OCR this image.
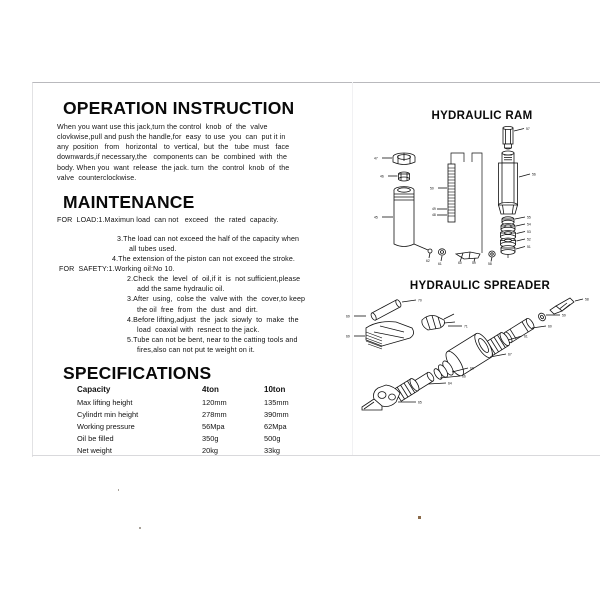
OPERATION INSTRUCTION

When you want use this jack,turn the control  knob  of  the  valve

clovkwise,pull and push the handle,for  easy  to use  you  can  put it in

any  position   from   horizontal   to  vertical,  but  the   tube  must   face

downwards,if necessary,the   components can  be  combined  with  the

body. When you  want  release  the jack. turn  the  control  knob  of  the

valve  counterclockwise.

MAINTENANCE

FOR  LOAD:1.Maximun load  can not   exceed   the  rated  capacity.

3.The load can not exceed the half of the capacity when

all tubes used.

4.The extension of the piston can not exceed the stroke.

FOR  SAFETY:1.Working oil:No 10.

2.Check  the  level  of  oil,if it  is  not sufficient,please

add the same hydraulic oil.

3.After  using,  colse the  valve with  the  cover,to keep

the oil  free  from  the  dust  and  dirt.

4.Before lifting,adjust  the  jack  siowly  to  make  the

load  coaxial with  resnect to the jack.

5.Tube can not be bent, near to the catting tools and

fires,also can not put te weight on it.

SPECIFICATIONS
Capacity	4ton	10ton
Max lifting height	120mm	135mm
Cylindrt min height	278mm	390mm
Working pressure	56Mpa	62Mpa
Oil be filled	350g	500g
Net weight	20kg	33kg
HYDRAULIC RAM
57
56
55
54
53
52
51
50
49
48
47
46
45
62
61	60	59	58
HYDRAULIC SPREADER
58
59
60
61
67
68
66
64
65
69
70
69
71
